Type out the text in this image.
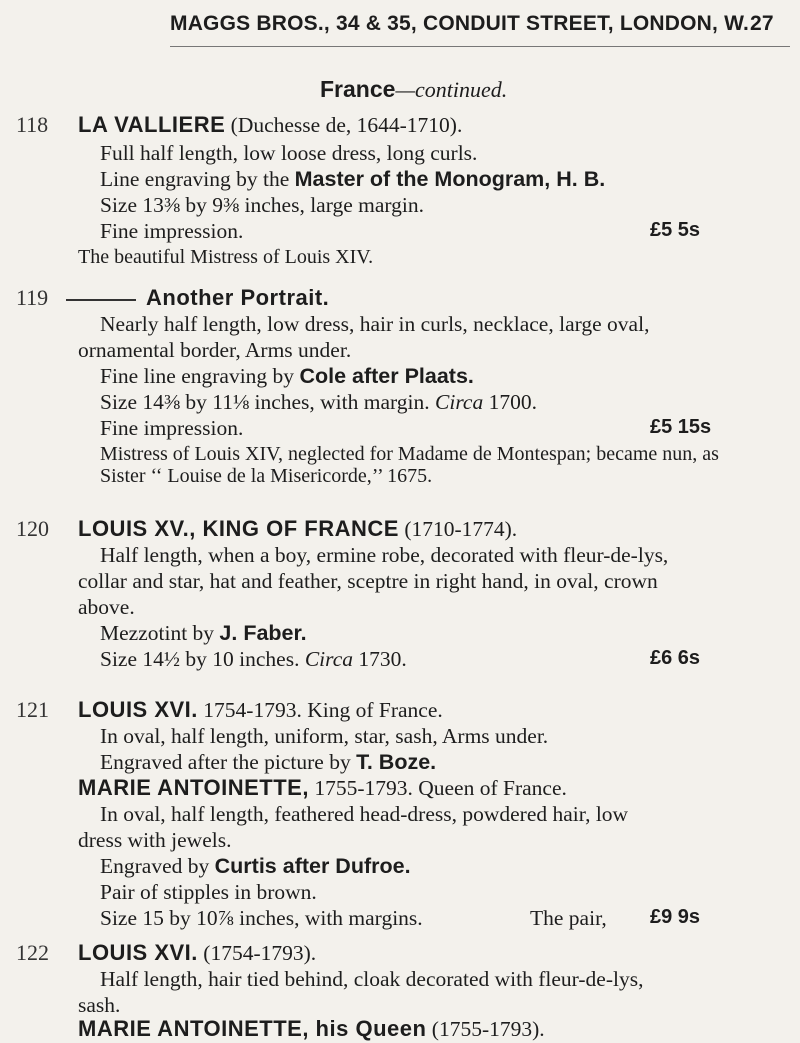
MAGGS BROS., 34 & 35, CONDUIT STREET, LONDON, W. 27
France—continued.
118 LA VALLIERE (Duchesse de, 1644-1710).
Full half length, low loose dress, long curls.
Line engraving by the Master of the Monogram, H. B.
Size 13⅜ by 9⅜ inches, large margin.
Fine impression.	£5 5s
The beautiful Mistress of Louis XIV.
119	Another Portrait.
Nearly half length, low dress, hair in curls, necklace, large oval,
ornamental border, Arms under.
Fine line engraving by Cole after Plaats.
Size 14⅜ by 11⅛ inches, with margin. Circa 1700.
Fine impression.	£5 15s
Mistress of Louis XIV, neglected for Madame de Montespan; became nun, as
Sister ‘‘ Louise de la Misericorde,’’ 1675.
120 LOUIS XV., KING OF FRANCE (1710-1774).
Half length, when a boy, ermine robe, decorated with fleur-de-lys,
collar and star, hat and feather, sceptre in right hand, in oval, crown
above.
Mezzotint by J. Faber.
Size 14½ by 10 inches. Circa 1730.	£6 6s
121 LOUIS XVI. 1754-1793. King of France.
In oval, half length, uniform, star, sash, Arms under.
Engraved after the picture by T. Boze.
MARIE ANTOINETTE, 1755-1793. Queen of France.
In oval, half length, feathered head-dress, powdered hair, low
dress with jewels.
Engraved by Curtis after Dufroe.
Pair of stipples in brown.
Size 15 by 10⅞ inches, with margins.	The pair, £9 9s
122 LOUIS XVI. (1754-1793).
Half length, hair tied behind, cloak decorated with fleur-de-lys,
sash.
MARIE ANTOINETTE, his Queen (1755-1793).
